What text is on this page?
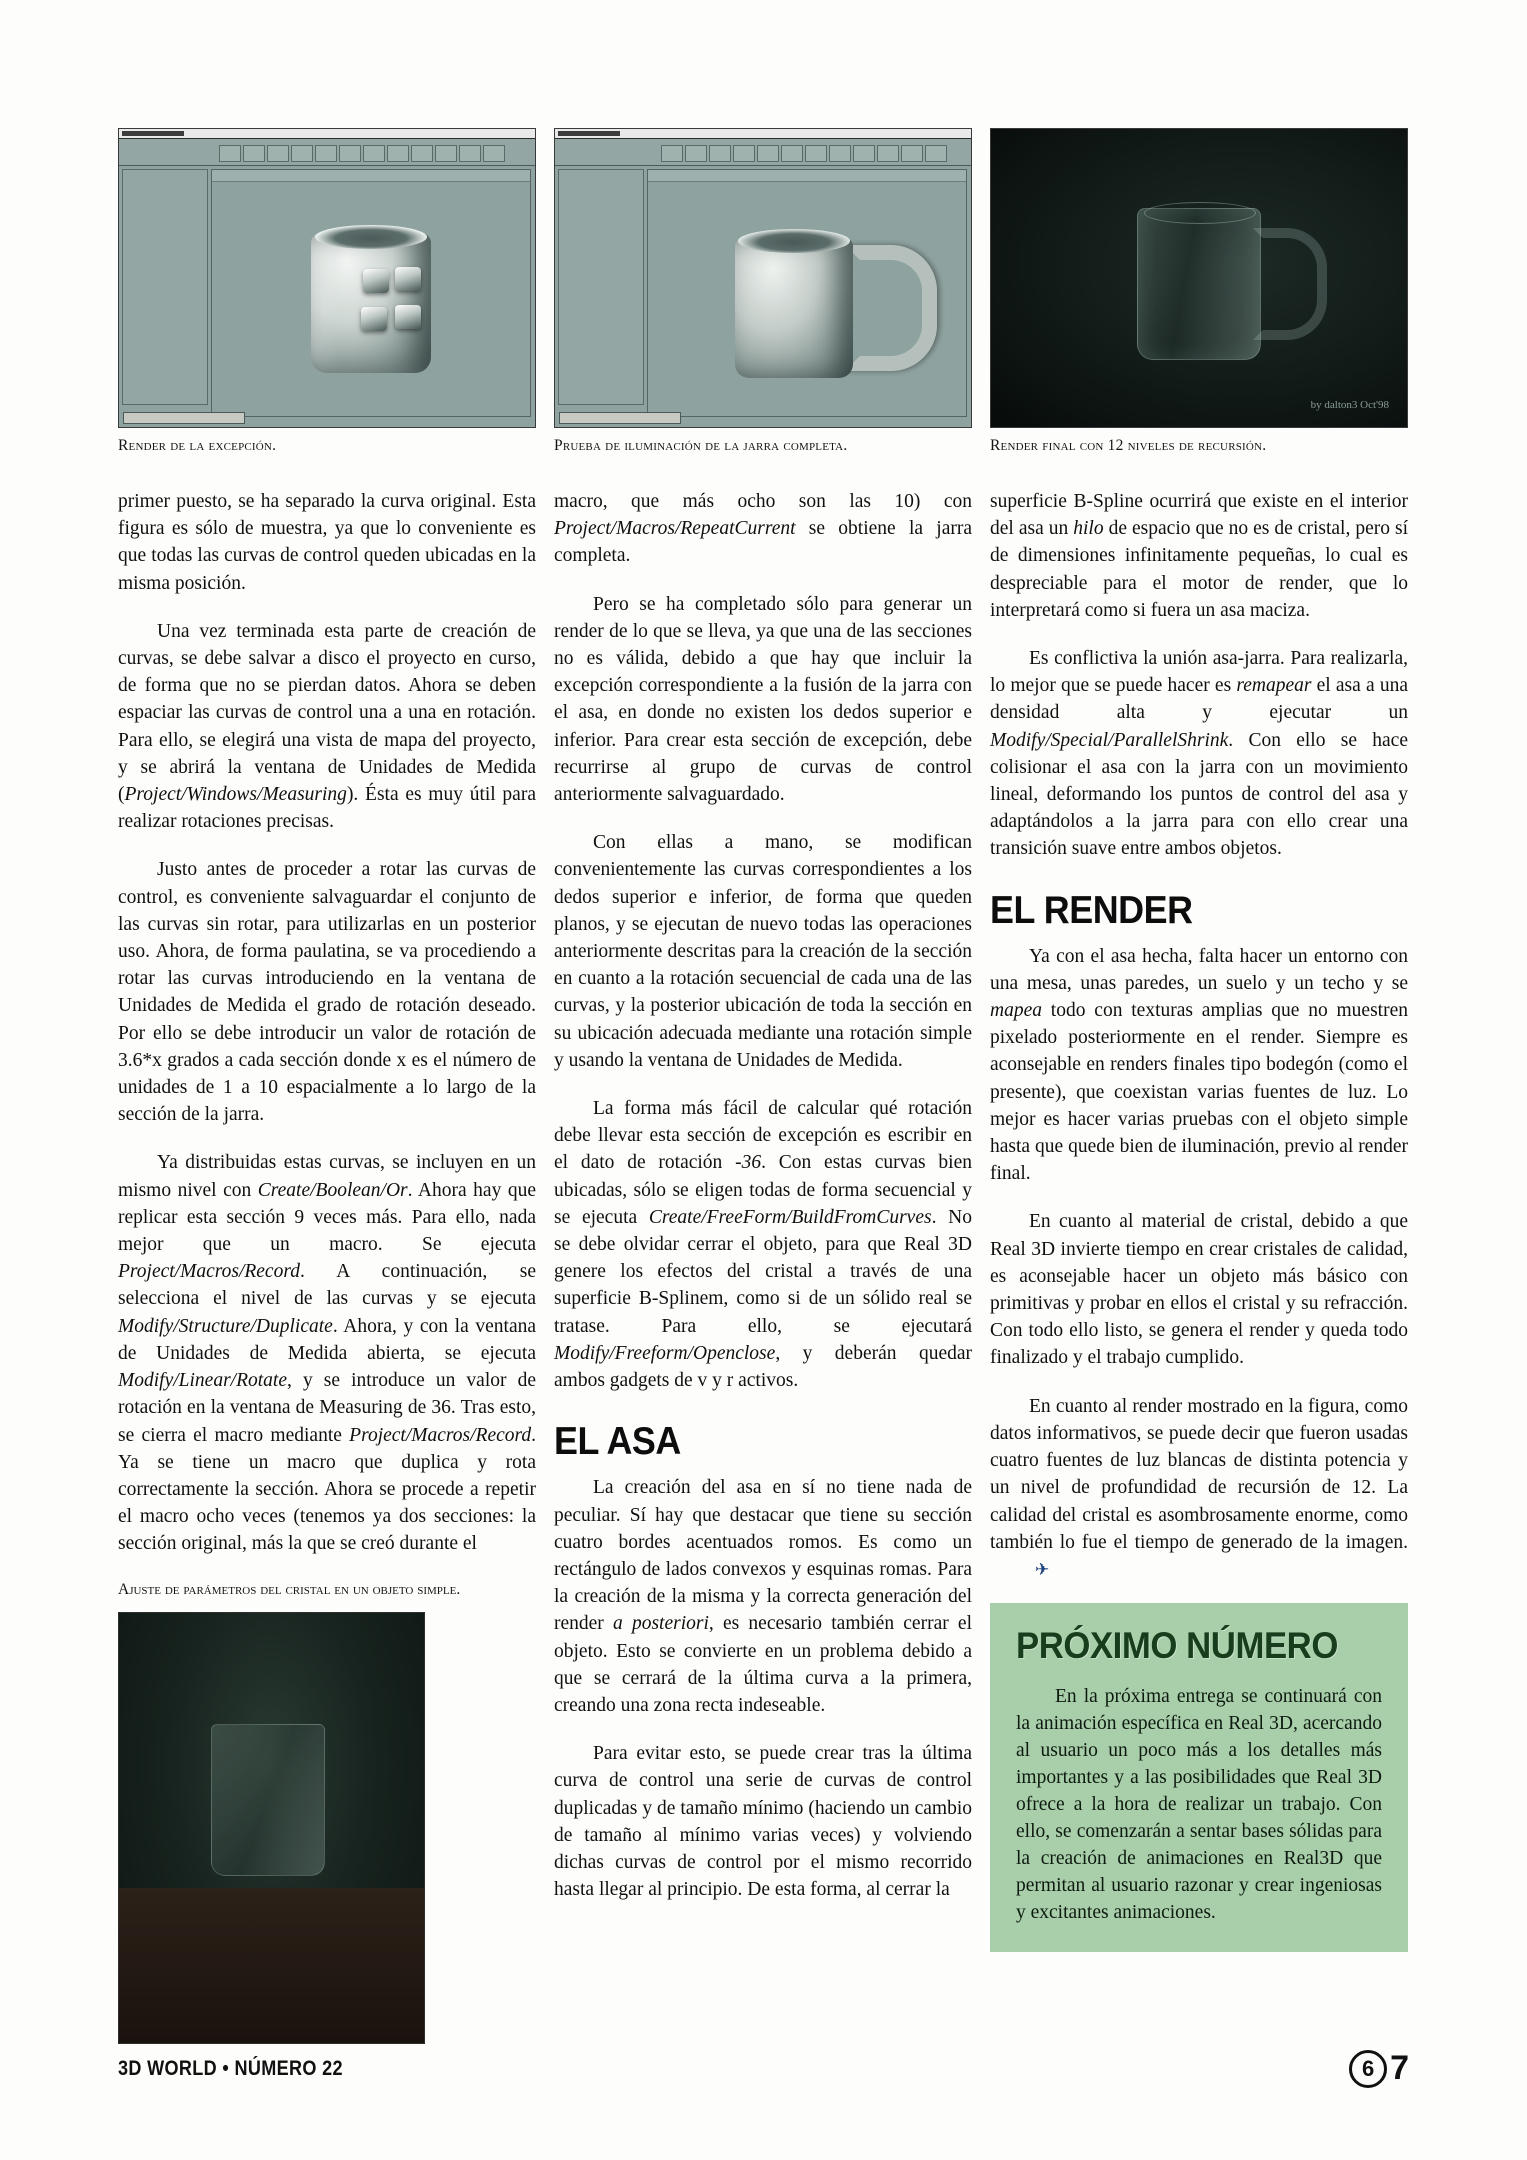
Render de la excepción.	Prueba de iluminación de la jarra completa.
by dalton3 Oct'98
Render final con 12 niveles de recursión.

primer puesto, se ha separado la curva original. Esta figura es sólo de muestra, ya que lo conveniente es que todas las curvas de control queden ubicadas en la misma posición.

Una vez terminada esta parte de creación de curvas, se debe salvar a disco el proyecto en curso, de forma que no se pierdan datos. Ahora se deben espaciar las curvas de control una a una en rotación. Para ello, se elegirá una vista de mapa del proyecto, y se abrirá la ventana de Unidades de Medida (Project/Windows/Measuring). Ésta es muy útil para realizar rotaciones precisas.

Justo antes de proceder a rotar las curvas de control, es conveniente salvaguardar el conjunto de las curvas sin rotar, para utilizarlas en un posterior uso. Ahora, de forma paulatina, se va procediendo a rotar las curvas introduciendo en la ventana de Unidades de Medida el grado de rotación deseado. Por ello se debe introducir un valor de rotación de 3.6*x grados a cada sección donde x es el número de unidades de 1 a 10 espacialmente a lo largo de la sección de la jarra.

Ya distribuidas estas curvas, se incluyen en un mismo nivel con Create/Boolean/Or. Ahora hay que replicar esta sección 9 veces más. Para ello, nada mejor que un macro. Se ejecuta Project/Macros/Record. A continuación, se selecciona el nivel de las curvas y se ejecuta Modify/Structure/Duplicate. Ahora, y con la ventana de Unidades de Medida abierta, se ejecuta Modify/Linear/Rotate, y se introduce un valor de rotación en la ventana de Measuring de 36. Tras esto, se cierra el macro mediante Project/Macros/Record. Ya se tiene un macro que duplica y rota correctamente la sección. Ahora se procede a repetir el macro ocho veces (tenemos ya dos secciones: la sección original, más la que se creó durante el

Ajuste de parámetros del cristal en un objeto simple.

macro, que más ocho son las 10) con Project/Macros/RepeatCurrent se obtiene la jarra completa.

Pero se ha completado sólo para generar un render de lo que se lleva, ya que una de las secciones no es válida, debido a que hay que incluir la excepción correspondiente a la fusión de la jarra con el asa, en donde no existen los dedos superior e inferior. Para crear esta sección de excepción, debe recurrirse al grupo de curvas de control anteriormente salvaguardado.

Con ellas a mano, se modifican convenientemente las curvas correspondientes a los dedos superior e inferior, de forma que queden planos, y se ejecutan de nuevo todas las operaciones anteriormente descritas para la creación de la sección en cuanto a la rotación secuencial de cada una de las curvas, y la posterior ubicación de toda la sección en su ubicación adecuada mediante una rotación simple y usando la ventana de Unidades de Medida.

La forma más fácil de calcular qué rotación debe llevar esta sección de excepción es escribir en el dato de rotación -36. Con estas curvas bien ubicadas, sólo se eligen todas de forma secuencial y se ejecuta Create/FreeForm/BuildFromCurves. No se debe olvidar cerrar el objeto, para que Real 3D genere los efectos del cristal a través de una superficie B-Splinem, como si de un sólido real se tratase. Para ello, se ejecutará Modify/Freeform/Openclose, y deberán quedar ambos gadgets de v y r activos.

EL ASA

La creación del asa en sí no tiene nada de peculiar. Sí hay que destacar que tiene su sección cuatro bordes acentuados romos. Es como un rectángulo de lados convexos y esquinas romas. Para la creación de la misma y la correcta generación del render a posteriori, es necesario también cerrar el objeto. Esto se convierte en un problema debido a que se cerrará de la última curva a la primera, creando una zona recta indeseable.

Para evitar esto, se puede crear tras la última curva de control una serie de curvas de control duplicadas y de tamaño mínimo (haciendo un cambio de tamaño al mínimo varias veces) y volviendo dichas curvas de control por el mismo recorrido hasta llegar al principio. De esta forma, al cerrar la

superficie B-Spline ocurrirá que existe en el interior del asa un hilo de espacio que no es de cristal, pero sí de dimensiones infinitamente pequeñas, lo cual es despreciable para el motor de render, que lo interpretará como si fuera un asa maciza.

Es conflictiva la unión asa-jarra. Para realizarla, lo mejor que se puede hacer es remapear el asa a una densidad alta y ejecutar un Modify/Special/ParallelShrink. Con ello se hace colisionar el asa con la jarra con un movimiento lineal, deformando los puntos de control del asa y adaptándolos a la jarra para con ello crear una transición suave entre ambos objetos.

EL RENDER

Ya con el asa hecha, falta hacer un entorno con una mesa, unas paredes, un suelo y un techo y se mapea todo con texturas amplias que no muestren pixelado posteriormente en el render. Siempre es aconsejable en renders finales tipo bodegón (como el presente), que coexistan varias fuentes de luz. Lo mejor es hacer varias pruebas con el objeto simple hasta que quede bien de iluminación, previo al render final.

En cuanto al material de cristal, debido a que Real 3D invierte tiempo en crear cristales de calidad, es aconsejable hacer un objeto más básico con primitivas y probar en ellos el cristal y su refracción. Con todo ello listo, se genera el render y queda todo finalizado y el trabajo cumplido.

En cuanto al render mostrado en la figura, como datos informativos, se puede decir que fueron usadas cuatro fuentes de luz blancas de distinta potencia y un nivel de profundidad de recursión de 12. La calidad del cristal es asombrosamente enorme, como también lo fue el tiempo de generado de la imagen.✈

PRÓXIMO NÚMERO

En la próxima entrega se continuará con la animación específica en Real 3D, acercando al usuario un poco más a los detalles más importantes y a las posibilidades que Real 3D ofrece a la hora de realizar un trabajo. Con ello, se comenzarán a sentar bases sólidas para la creación de animaciones en Real3D que permitan al usuario razonar y crear ingeniosas y excitantes animaciones.

3D WORLD • NÚMERO 22	6 7
